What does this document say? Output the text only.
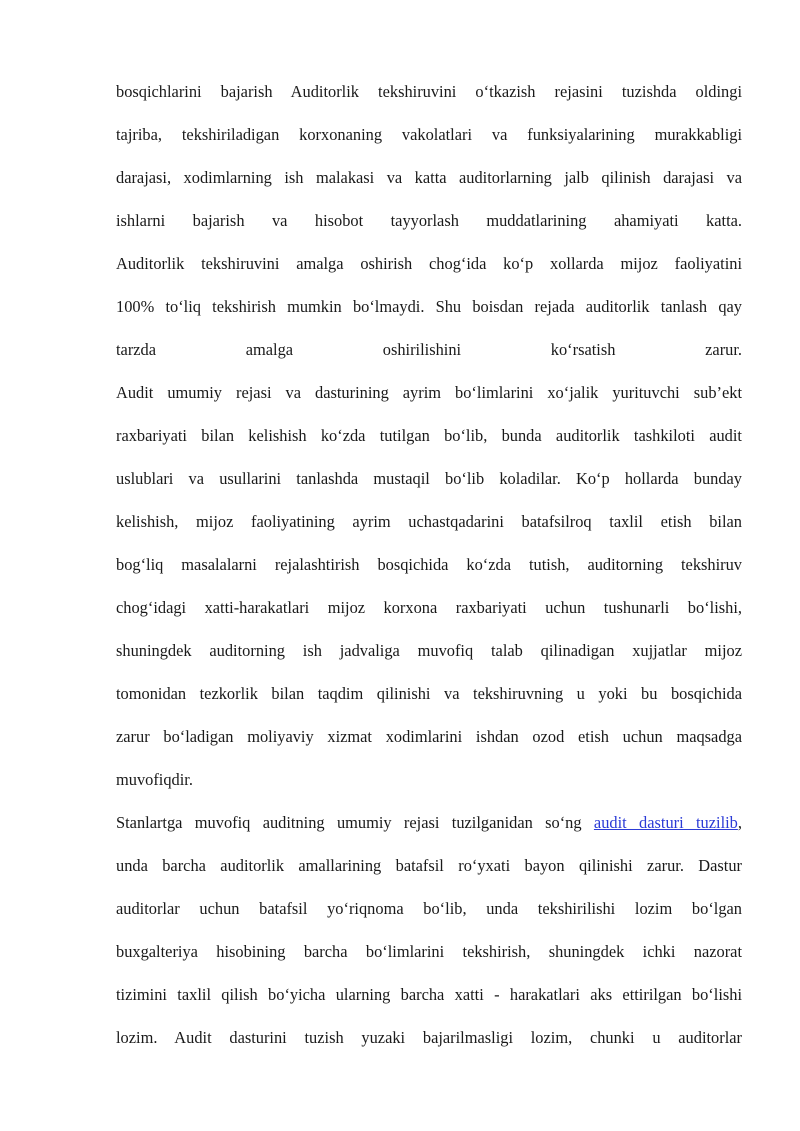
bosqichlarini bajarish Auditorlik tekshiruvini oʻtkazish rejasini tuzishda oldingi
tajriba, tekshiriladigan korxonaning vakolatlari va funksiyalarining murakkabligi
darajasi, xodimlarning ish malakasi va katta auditorlarning jalb qilinish darajasi va
ishlarni bajarish va hisobot tayyorlash muddatlarining ahamiyati katta.
Auditorlik tekshiruvini amalga oshirish chogʻida koʻp xollarda mijoz faoliyatini
100% toʻliq tekshirish mumkin boʻlmaydi. Shu boisdan rejada auditorlik tanlash qay
tarzda amalga oshirilishini koʻrsatish zarur.
Audit umumiy rejasi va dasturining ayrim boʻlimlarini xoʻjalik yurituvchi sub’ekt
raxbariyati bilan kelishish koʻzda tutilgan boʻlib, bunda auditorlik tashkiloti audit
uslublari va usullarini tanlashda mustaqil boʻlib koladilar. Koʻp hollarda bunday
kelishish, mijoz faoliyatining ayrim uchastqadarini batafsilroq taxlil etish bilan
bogʻliq masalalarni rejalashtirish bosqichida koʻzda tutish, auditorning tekshiruv
chogʻidagi xatti-harakatlari mijoz korxona raxbariyati uchun tushunarli boʻlishi,
shuningdek auditorning ish jadvaliga muvofiq talab qilinadigan xujjatlar mijoz
tomonidan tezkorlik bilan taqdim qilinishi va tekshiruvning u yoki bu bosqichida
zarur boʻladigan moliyaviy xizmat xodimlarini ishdan ozod etish uchun maqsadga
muvofiqdir.
Stanlartga muvofiq auditning umumiy rejasi tuzilganidan soʻng audit dasturi tuzilib,
unda barcha auditorlik amallarining batafsil roʻyxati bayon qilinishi zarur. Dastur
auditorlar uchun batafsil yoʻriqnoma boʻlib, unda tekshirilishi lozim boʻlgan
buxgalteriya hisobining barcha boʻlimlarini tekshirish, shuningdek ichki nazorat
tizimini taxlil qilish boʻyicha ularning barcha xatti - harakatlari aks ettirilgan boʻlishi
lozim. Audit dasturini tuzish yuzaki bajarilmasligi lozim, chunki u auditorlar
